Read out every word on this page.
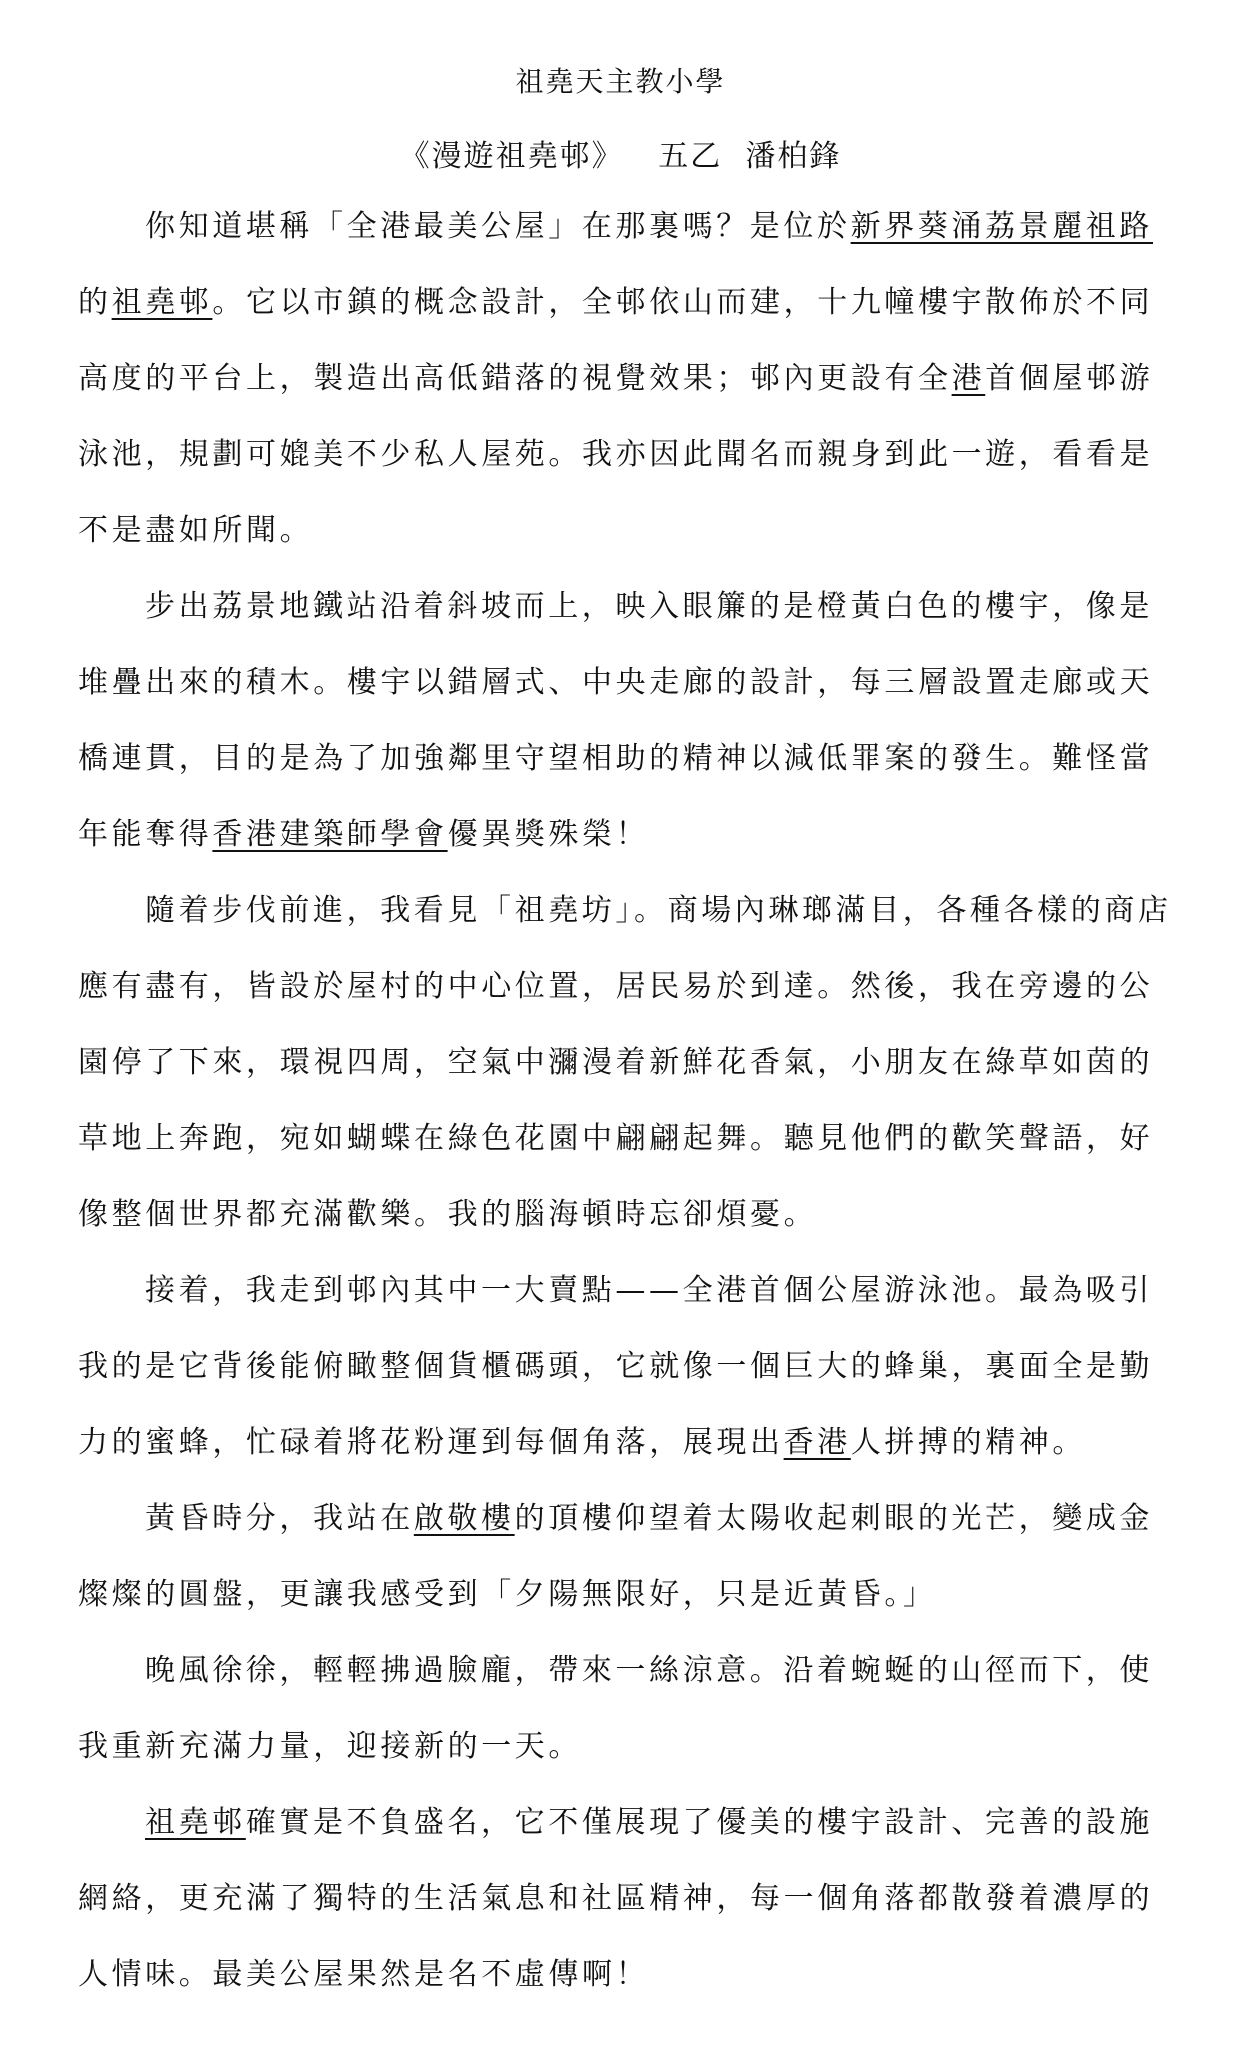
祖堯天主教小學
《漫遊祖堯邨》 五乙 潘柏鋒
你知道堪稱「全港最美公屋」在那裏嗎？是位於新界葵涌荔景麗祖路
的祖堯邨。它以市鎮的概念設計，全邨依山而建，十九幢樓宇散佈於不同
高度的平台上，製造出高低錯落的視覺效果；邨內更設有全港首個屋邨游
泳池，規劃可媲美不少私人屋苑。我亦因此聞名而親身到此一遊，看看是
不是盡如所聞。
步出荔景地鐵站沿着斜坡而上，映入眼簾的是橙黃白色的樓宇，像是
堆疊出來的積木。樓宇以錯層式、中央走廊的設計，每三層設置走廊或天
橋連貫，目的是為了加強鄰里守望相助的精神以減低罪案的發生。難怪當
年能奪得香港建築師學會優異獎殊榮！
隨着步伐前進，我看見「祖堯坊」。商場內琳瑯滿目，各種各樣的商店
應有盡有，皆設於屋村的中心位置，居民易於到達。然後，我在旁邊的公
園停了下來，環視四周，空氣中瀰漫着新鮮花香氣，小朋友在綠草如茵的
草地上奔跑，宛如蝴蝶在綠色花園中翩翩起舞。聽見他們的歡笑聲語，好
像整個世界都充滿歡樂。我的腦海頓時忘卻煩憂。
接着，我走到邨內其中一大賣點——全港首個公屋游泳池。最為吸引
我的是它背後能俯瞰整個貨櫃碼頭，它就像一個巨大的蜂巢，裏面全是勤
力的蜜蜂，忙碌着將花粉運到每個角落，展現出香港人拼搏的精神。
黃昏時分，我站在啟敬樓的頂樓仰望着太陽收起刺眼的光芒，變成金
燦燦的圓盤，更讓我感受到「夕陽無限好，只是近黃昏。」
晚風徐徐，輕輕拂過臉龐，帶來一絲涼意。沿着蜿蜒的山徑而下，使
我重新充滿力量，迎接新的一天。
祖堯邨確實是不負盛名，它不僅展現了優美的樓宇設計、完善的設施
網絡，更充滿了獨特的生活氣息和社區精神，每一個角落都散發着濃厚的
人情味。最美公屋果然是名不虛傳啊！
